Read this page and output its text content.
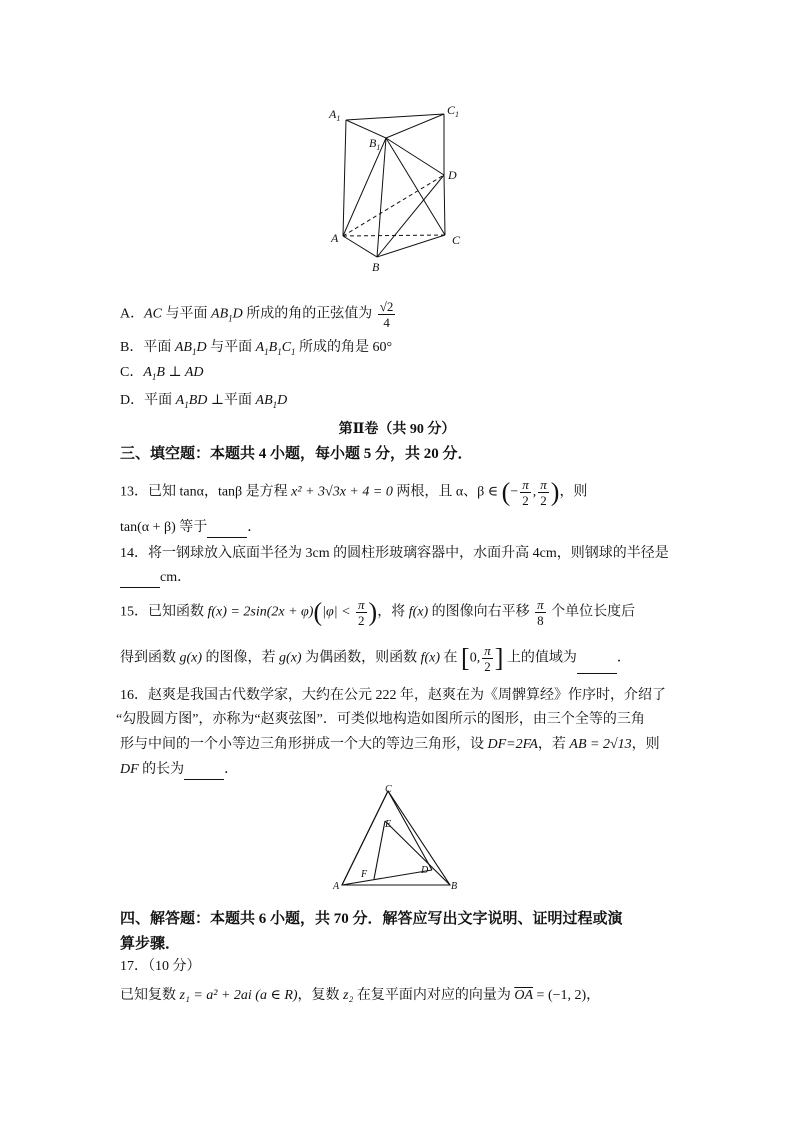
$A_1$
$C_1$
$B_1$
D
A
B
C
A．AC 与平面 $AB_1D$ 所成的角的正弦值为 $\frac{√2}{4}$
B．平面 $AB_1D$ 与平面 $A_1B_1C_1$ 所成的角是 60°
C．$A_1B$ ⊥ AD
D．平面 $A_1BD$ ⊥平面 $AB_1D$
第Ⅱ卷（共 90 分）
三、填空题：本题共 4 小题，每小题 5 分，共 20 分．
13．已知 tanα，tanβ 是方程 x² + 3√3x + 4 = 0 两根，且 α、β ∈ (− $\frac{\pi}{2}$ , $\frac{\pi}{2}$ )，则
tan(α + β) 等于	．
14．将一钢球放入底面半径为 3cm 的圆柱形玻璃容器中，水面升高 4cm，则钢球的半径是
cm．
15．已知函数 $f(x) = 2\sin(2x + \varphi)(|\varphi| < \frac{\pi}{2}$ )，将 f(x) 的图像向右平移 $\frac{\pi}{8}$ 个单位长度后
得到函数 g(x) 的图像，若 g(x) 为偶函数，则函数 f(x) 在 [0, $\frac{\pi}{2}$ ] 上的值域为	．
16．赵爽是我国古代数学家，大约在公元 222 年，赵爽在为《周髀算经》作序时，介绍了
“勾股圆方图”，亦称为“赵爽弦图”．可类似地构造如图所示的图形，由三个全等的三角
形与中间的一个小等边三角形拼成一个大的等边三角形，设 DF=2FA，若 AB = 2√13，则
DF 的长为	．
C
E
F	D
A	B
四、解答题：本题共 6 小题，共 70 分．解答应写出文字说明、证明过程或演
算步骤．
17．（10 分）
已知复数 z₁ = a² + 2ai (a ∈ R)，复数 z₂ 在复平面内对应的向量为 $\overline{OA} = (-1$, 2)，
